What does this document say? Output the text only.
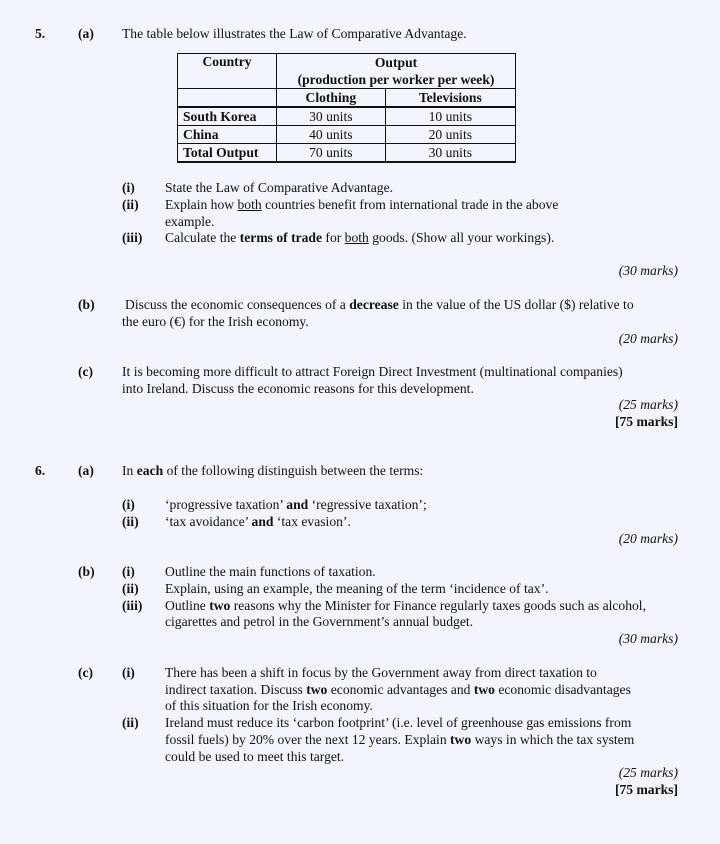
5. (a) The table below illustrates the Law of Comparative Advantage.
Country	Output	
	(production per worker per week)	
	Clothing	Televisions
South Korea	30 units	10 units
China	40 units	20 units
Total Output	70 units	30 units
(i) State the Law of Comparative Advantage.
(ii) Explain how both countries benefit from international trade in the above
example.
(iii) Calculate the terms of trade for both goods. (Show all your workings).
(30 marks)
(b) Discuss the economic consequences of a decrease in the value of the US dollar ($) relative to
the euro (€) for the Irish economy.
(20 marks)
(c) It is becoming more difficult to attract Foreign Direct Investment (multinational companies)
into Ireland. Discuss the economic reasons for this development.
(25 marks)
[75 marks]
6. (a) In each of the following distinguish between the terms:
(i) ‘progressive taxation’ and ‘regressive taxation’;
(ii) ‘tax avoidance’ and ‘tax evasion’.
(20 marks)
(b) (i) Outline the main functions of taxation.
(ii) Explain, using an example, the meaning of the term ‘incidence of tax’.
(iii) Outline two reasons why the Minister for Finance regularly taxes goods such as alcohol,
cigarettes and petrol in the Government’s annual budget.
(30 marks)
(c) (i) There has been a shift in focus by the Government away from direct taxation to
indirect taxation. Discuss two economic advantages and two economic disadvantages
of this situation for the Irish economy.
(ii) Ireland must reduce its ‘carbon footprint’ (i.e. level of greenhouse gas emissions from
fossil fuels) by 20% over the next 12 years. Explain two ways in which the tax system
could be used to meet this target.
(25 marks)
[75 marks]
